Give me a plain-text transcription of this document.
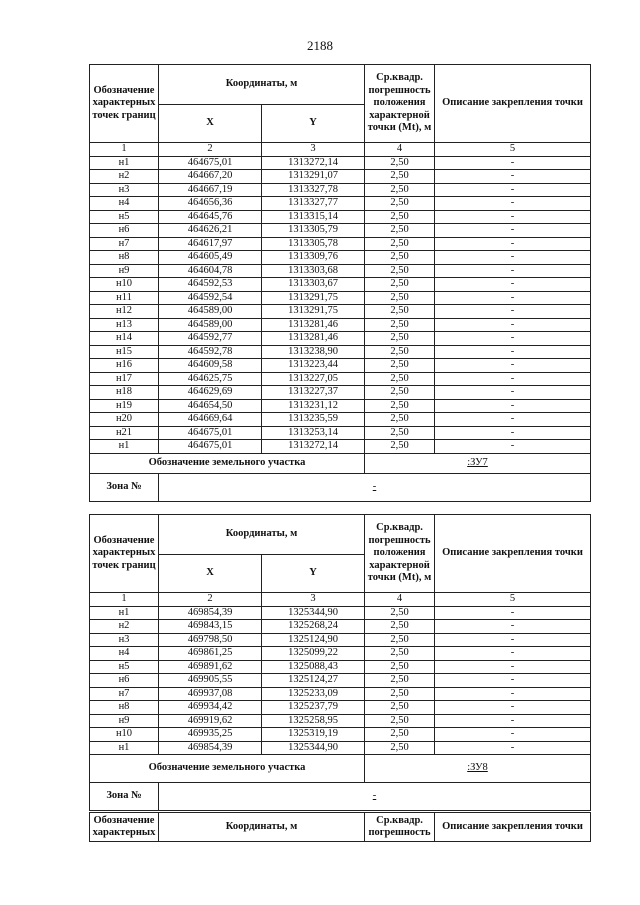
2188
Обозначение характерных точек границ	Координаты, м		Ср.квадр. погрешность положения характерной точки (Mt), м	Описание закрепления точки
	X	Y		
1	2	3	4	5
н1	464675,01	1313272,14	2,50	-
н2	464667,20	1313291,07	2,50	-
н3	464667,19	1313327,78	2,50	-
н4	464656,36	1313327,77	2,50	-
н5	464645,76	1313315,14	2,50	-
н6	464626,21	1313305,79	2,50	-
н7	464617,97	1313305,78	2,50	-
н8	464605,49	1313309,76	2,50	-
н9	464604,78	1313303,68	2,50	-
н10	464592,53	1313303,67	2,50	-
н11	464592,54	1313291,75	2,50	-
н12	464589,00	1313291,75	2,50	-
н13	464589,00	1313281,46	2,50	-
н14	464592,77	1313281,46	2,50	-
н15	464592,78	1313238,90	2,50	-
н16	464609,58	1313223,44	2,50	-
н17	464625,75	1313227,05	2,50	-
н18	464629,69	1313227,37	2,50	-
н19	464654,50	1313231,12	2,50	-
н20	464669,64	1313235,59	2,50	-
н21	464675,01	1313253,14	2,50	-
н1	464675,01	1313272,14	2,50	-
Обозначение земельного участка			:ЗУ7	
Зона №	-			
Обозначение характерных точек границ	Координаты, м		Ср.квадр. погрешность положения характерной точки (Mt), м	Описание закрепления точки
	X	Y		
1	2	3	4	5
н1	469854,39	1325344,90	2,50	-
н2	469843,15	1325268,24	2,50	-
н3	469798,50	1325124,90	2,50	-
н4	469861,25	1325099,22	2,50	-
н5	469891,62	1325088,43	2,50	-
н6	469905,55	1325124,27	2,50	-
н7	469937,08	1325233,09	2,50	-
н8	469934,42	1325237,79	2,50	-
н9	469919,62	1325258,95	2,50	-
н10	469935,25	1325319,19	2,50	-
н1	469854,39	1325344,90	2,50	-
Обозначение земельного участка			:ЗУ8	
Зона №	-			
Обозначение характерных	Координаты, м	Ср.квадр. погрешность	Описание закрепления точки
